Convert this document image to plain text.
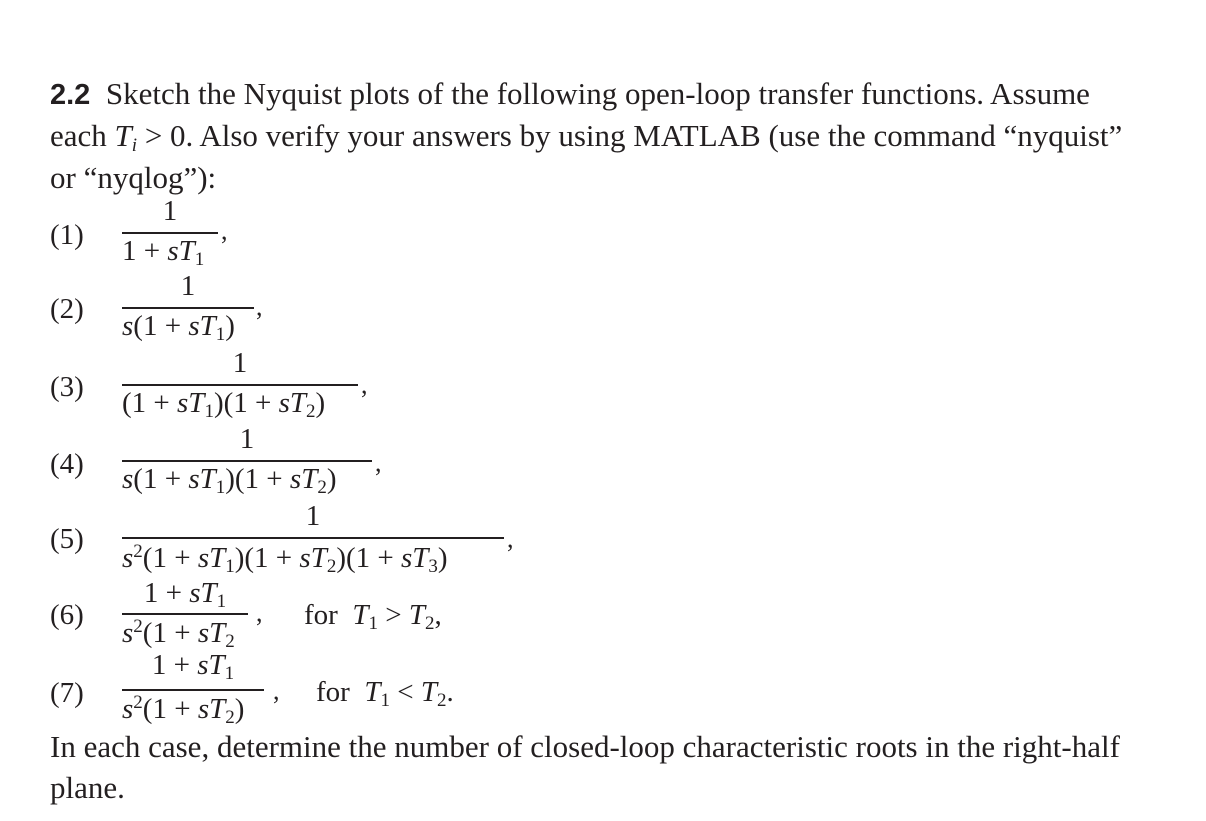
2.2 Sketch the Nyquist plots of the following open-loop transfer functions. Assume
each $T_i > 0$. Also verify your answers by using MATLAB (use the command “nyquist”
or “nyqlog”):
(1)
1
$1 + sT_1$
,
(2)
1
$s(1 + sT_1)$
,
(3)
1
$(1 + sT_1)(1 + sT_2)$
,
(4)
1
$s(1 + sT_1)(1 + sT_2)$
,
(5)
1
$s^2(1 + sT_1)(1 + sT_2)(1 + sT_3)$
,
(6)
$1 + sT_1$
$s^2(1 + sT_2$
, for $T_1 > T_2$,
(7)
$1 + sT_1$
$s^2(1 + sT_2)$
, for $T_1 < T_2$.
In each case, determine the number of closed-loop characteristic roots in the right-half
plane.
